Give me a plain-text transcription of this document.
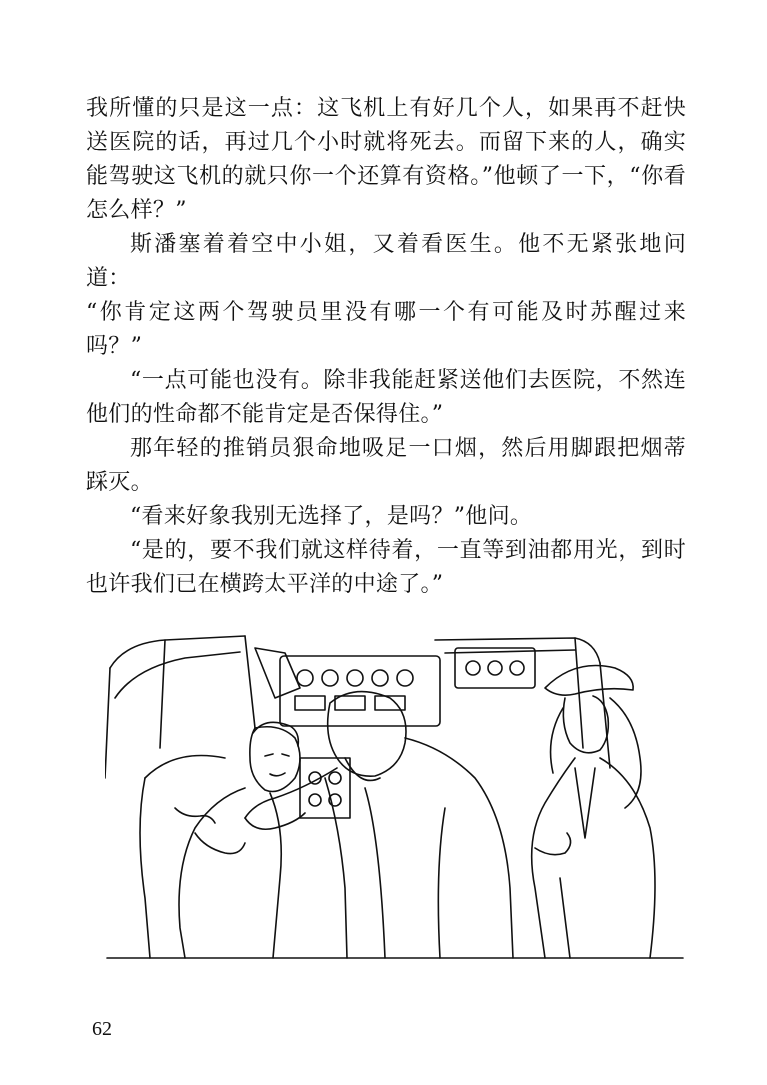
我所懂的只是这一点：这飞机上有好几个人，如果再不赶快送医院的话，再过几个小时就将死去。而留下来的人，确实能驾驶这飞机的就只你一个还算有资格。”他顿了一下，“你看怎么样？”

斯潘塞着着空中小姐，又着看医生。他不无紧张地问道：

“你肯定这两个驾驶员里没有哪一个有可能及时苏醒过来吗？”

“一点可能也没有。除非我能赶紧送他们去医院，不然连他们的性命都不能肯定是否保得住。”

那年轻的推销员狠命地吸足一口烟，然后用脚跟把烟蒂踩灭。

“看来好象我别无选择了，是吗？”他问。

“是的，要不我们就这样待着，一直等到油都用光，到时也许我们已在横跨太平洋的中途了。”

62
